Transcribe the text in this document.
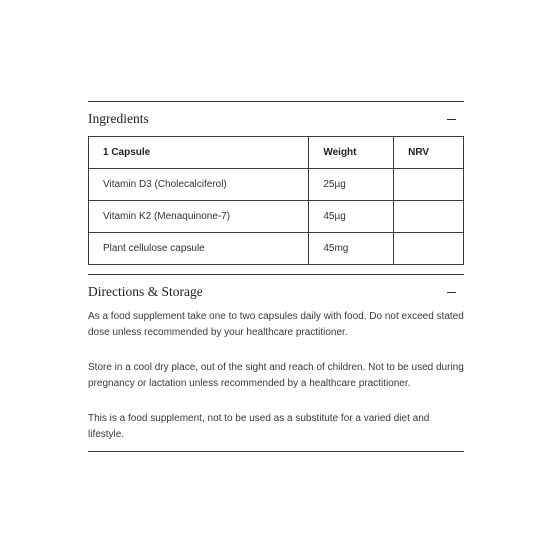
Ingredients
1 Capsule	Weight	NRV
Vitamin D3 (Cholecalciferol)	25µg	
Vitamin K2 (Menaquinone-7)	45µg	
Plant cellulose capsule	45mg	
Directions & Storage

As a food supplement take one to two capsules daily with food. Do not exceed stated dose unless recommended by your healthcare practitioner.

Store in a cool dry place, out of the sight and reach of children. Not to be used during pregnancy or lactation unless recommended by a healthcare practitioner.

This is a food supplement, not to be used as a substitute for a varied diet and lifestyle.
